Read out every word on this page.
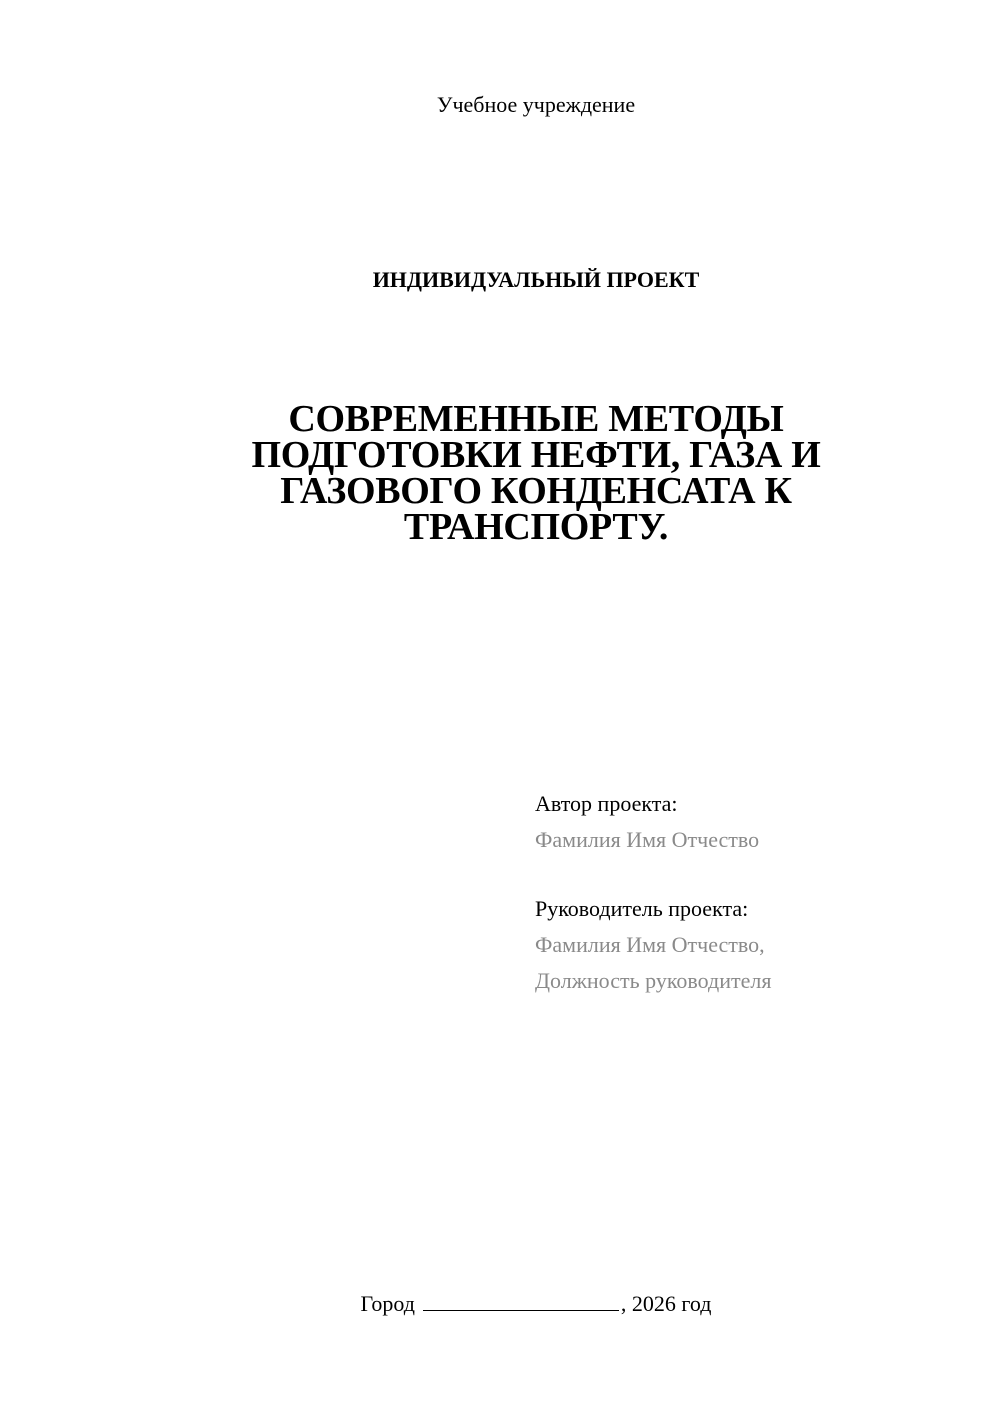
Учебное учреждение
ИНДИВИДУАЛЬНЫЙ ПРОЕКТ
СОВРЕМЕННЫЕ МЕТОДЫ
ПОДГОТОВКИ НЕФТИ, ГАЗА И
ГАЗОВОГО КОНДЕНСАТА К
ТРАНСПОРТУ.
Автор проекта:
Фамилия Имя Отчество
Руководитель проекта:
Фамилия Имя Отчество,
Должность руководителя
Город	, 2026 год
